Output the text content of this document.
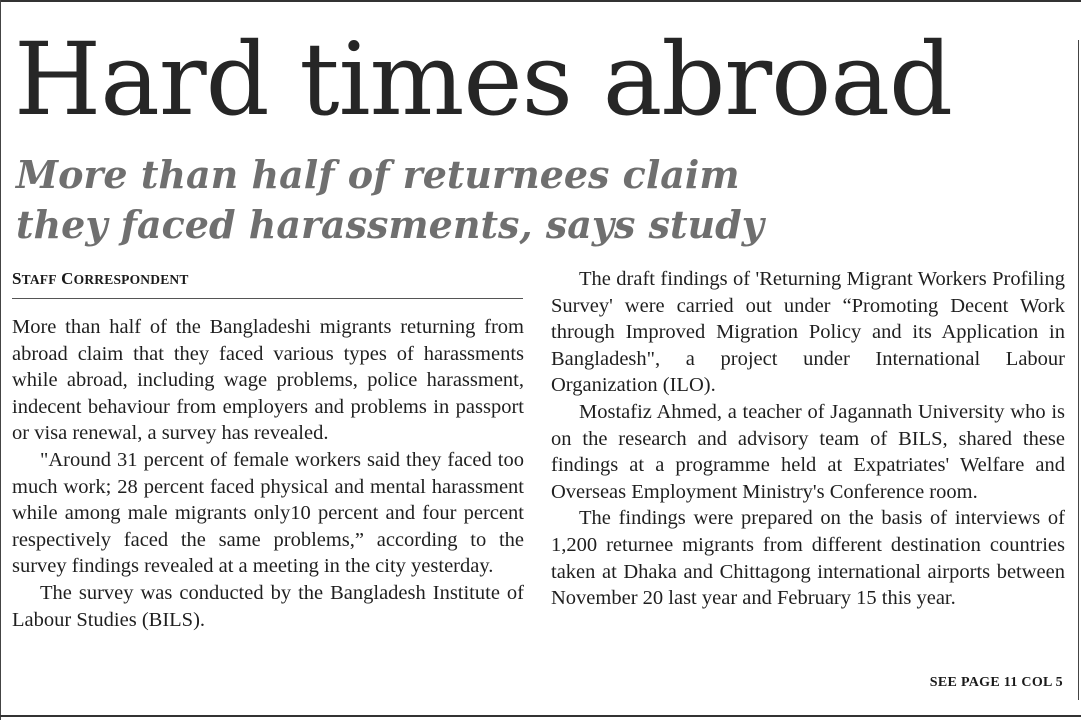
Hard times abroad
More than half of returnees claim they faced harassments, says study
STAFF CORRESPONDENT

More than half of the Bangladeshi migrants returning from abroad claim that they faced various types of harassments while abroad, including wage problems, police harassment, indecent behaviour from employers and problems in passport or visa renewal, a survey has revealed.

"Around 31 percent of female workers said they faced too much work; 28 percent faced physical and mental harassment while among male migrants only10 percent and four percent respectively faced the same problems,” according to the survey findings revealed at a meeting in the city yesterday.

The survey was conducted by the Bangladesh Institute of Labour Studies (BILS).

The draft findings of 'Returning Migrant Workers Profiling Survey' were carried out under “Promoting Decent Work through Improved Migration Policy and its Application in Bangladesh", a project under International Labour Organization (ILO).

Mostafiz Ahmed, a teacher of Jagannath University who is on the research and advisory team of BILS, shared these findings at a programme held at Expatriates' Welfare and Overseas Employment Ministry's Conference room.

The findings were prepared on the basis of interviews of 1,200 returnee migrants from different destination countries taken at Dhaka and Chittagong international airports between November 20 last year and February 15 this year.

SEE PAGE 11 COL 5
